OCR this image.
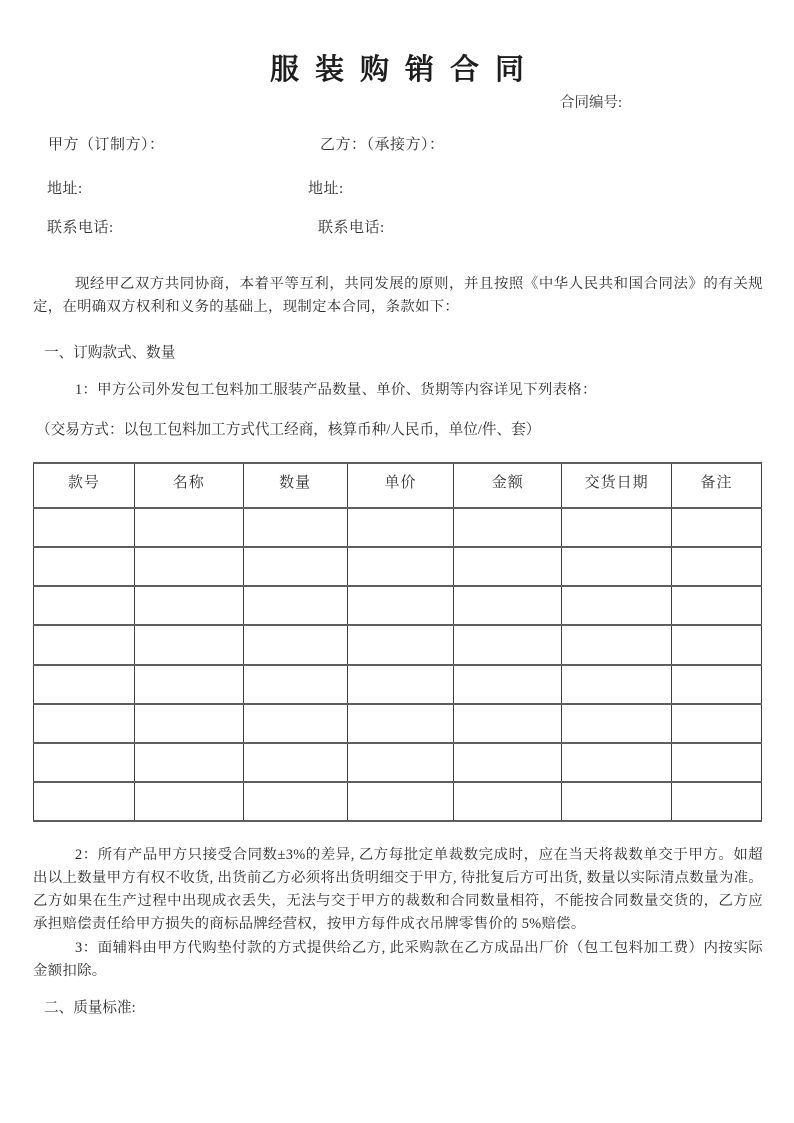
服装购销合同
合同编号:
甲方（订制方）：	乙方：（承接方）：
地址:	地址:
联系电话:	联系电话:
现经甲乙双方共同协商，本着平等互利，共同发展的原则，并且按照《中华人民共和国合同法》的有关规定，在明确双方权利和义务的基础上，现制定本合同，条款如下：
一、订购款式、数量
1：甲方公司外发包工包料加工服装产品数量、单价、货期等内容详见下列表格：
（交易方式：以包工包料加工方式代工经商，核算币种/人民币，单位/件、套）
款号	名称	数量	单价	金额	交货日期	备注

2：所有产品甲方只接受合同数±3%的差异, 乙方每批定单裁数完成时，应在当天将裁数单交于甲方。如超出以上数量甲方有权不收货, 出货前乙方必须将出货明细交于甲方, 待批复后方可出货, 数量以实际清点数量为准。乙方如果在生产过程中出现成衣丢失，无法与交于甲方的裁数和合同数量相符，不能按合同数量交货的，乙方应承担赔偿责任给甲方损失的商标品牌经营权，按甲方每件成衣吊牌零售价的 5%赔偿。
3：面辅料由甲方代购垫付款的方式提供给乙方, 此采购款在乙方成品出厂价（包工包料加工费）内按实际金额扣除。
二、质量标准:
